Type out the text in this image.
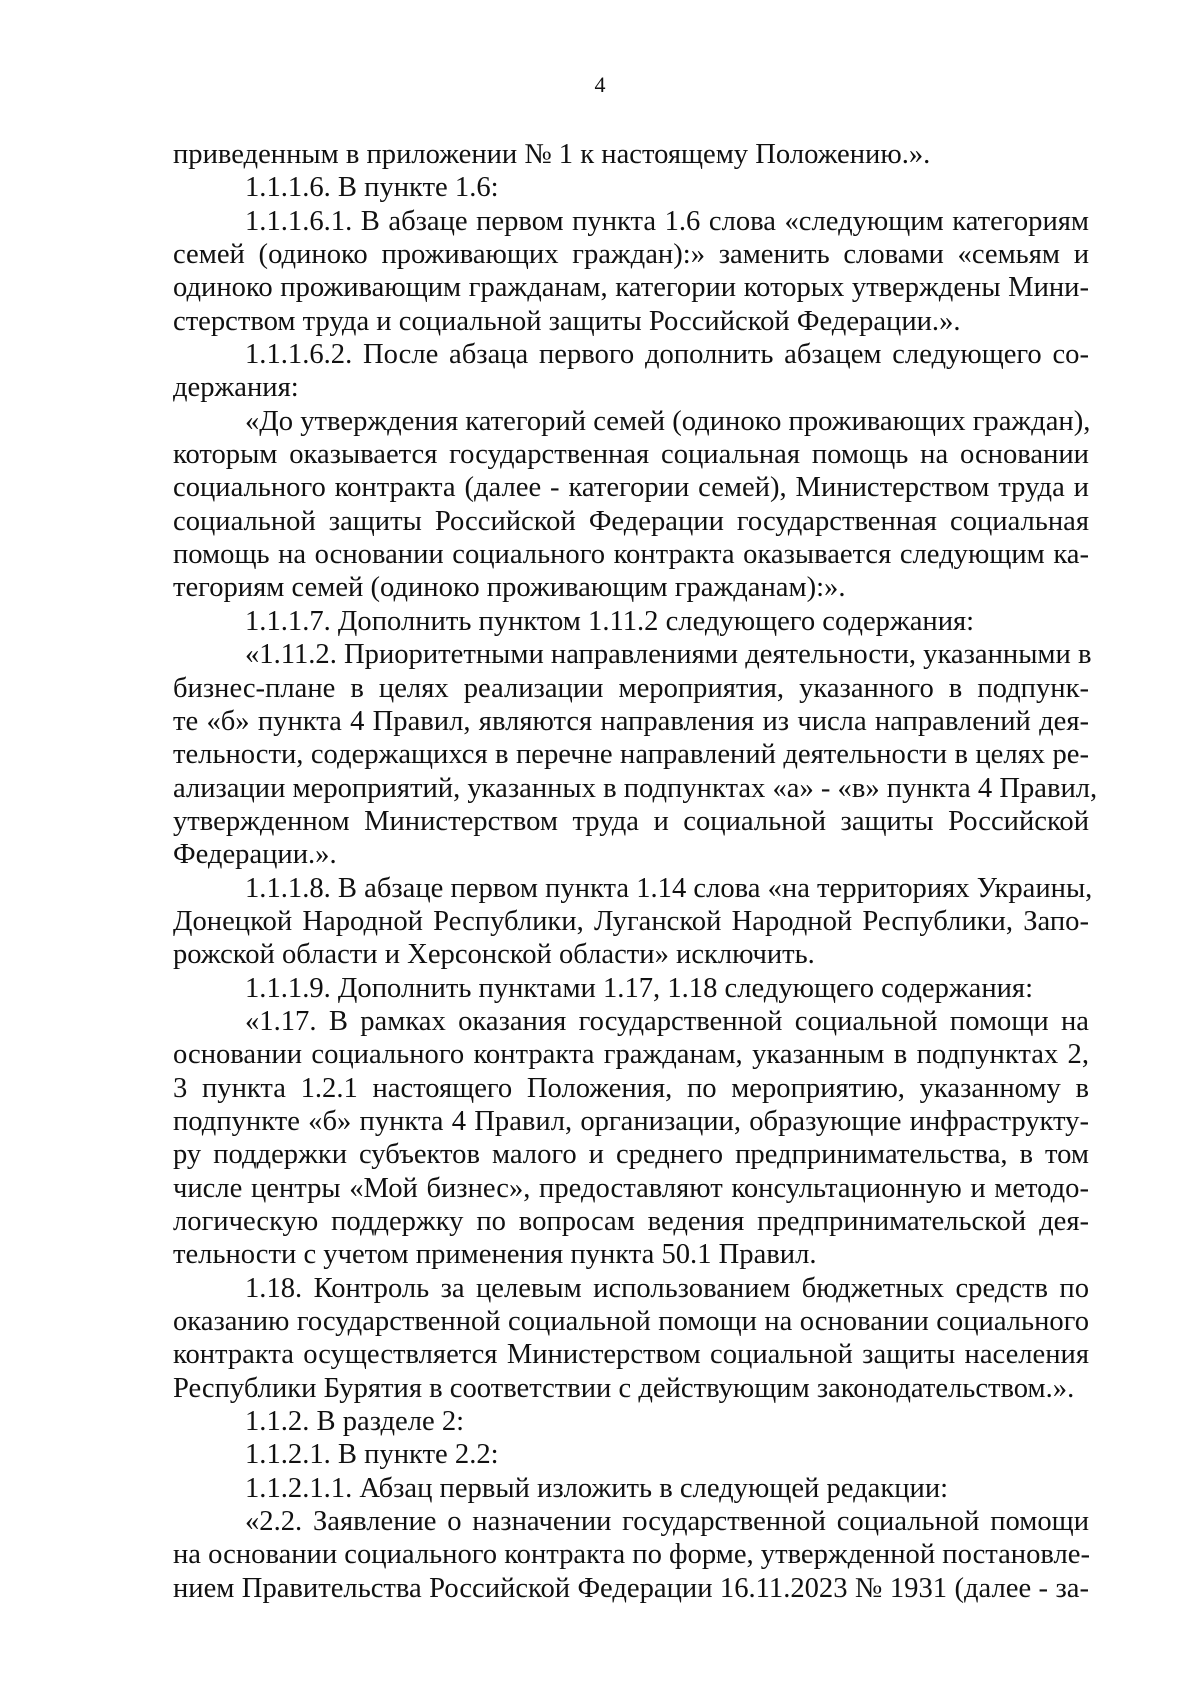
4
приведенным в приложении № 1 к настоящему Положению.».
1.1.1.6. В пункте 1.6:
1.1.1.6.1. В абзаце первом пункта 1.6 слова «следующим категориям
семей (одиноко проживающих граждан):» заменить словами «семьям и
одиноко проживающим гражданам, категории которых утверждены Мини-
стерством труда и социальной защиты Российской Федерации.».
1.1.1.6.2. После абзаца первого дополнить абзацем следующего со-
держания:
«До утверждения категорий семей (одиноко проживающих граждан),
которым оказывается государственная социальная помощь на основании
социального контракта (далее - категории семей), Министерством труда и
социальной защиты Российской Федерации государственная социальная
помощь на основании социального контракта оказывается следующим ка-
тегориям семей (одиноко проживающим гражданам):».
1.1.1.7. Дополнить пунктом 1.11.2 следующего содержания:
«1.11.2. Приоритетными направлениями деятельности, указанными в
бизнес-плане в целях реализации мероприятия, указанного в подпунк-
те «б» пункта 4 Правил, являются направления из числа направлений дея-
тельности, содержащихся в перечне направлений деятельности в целях ре-
ализации мероприятий, указанных в подпунктах «а» - «в» пункта 4 Правил,
утвержденном Министерством труда и социальной защиты Российской
Федерации.».
1.1.1.8. В абзаце первом пункта 1.14 слова «на территориях Украины,
Донецкой Народной Республики, Луганской Народной Республики, Запо-
рожской области и Херсонской области» исключить.
1.1.1.9. Дополнить пунктами 1.17, 1.18 следующего содержания:
«1.17. В рамках оказания государственной социальной помощи на
основании социального контракта гражданам, указанным в подпунктах 2,
3 пункта 1.2.1 настоящего Положения, по мероприятию, указанному в
подпункте «б» пункта 4 Правил, организации, образующие инфраструкту-
ру поддержки субъектов малого и среднего предпринимательства, в том
числе центры «Мой бизнес», предоставляют консультационную и методо-
логическую поддержку по вопросам ведения предпринимательской дея-
тельности с учетом применения пункта 50.1 Правил.
1.18. Контроль за целевым использованием бюджетных средств по
оказанию государственной социальной помощи на основании социального
контракта осуществляется Министерством социальной защиты населения
Республики Бурятия в соответствии с действующим законодательством.».
1.1.2. В разделе 2:
1.1.2.1. В пункте 2.2:
1.1.2.1.1. Абзац первый изложить в следующей редакции:
«2.2. Заявление о назначении государственной социальной помощи
на основании социального контракта по форме, утвержденной постановле-
нием Правительства Российской Федерации 16.11.2023 № 1931 (далее - за-
